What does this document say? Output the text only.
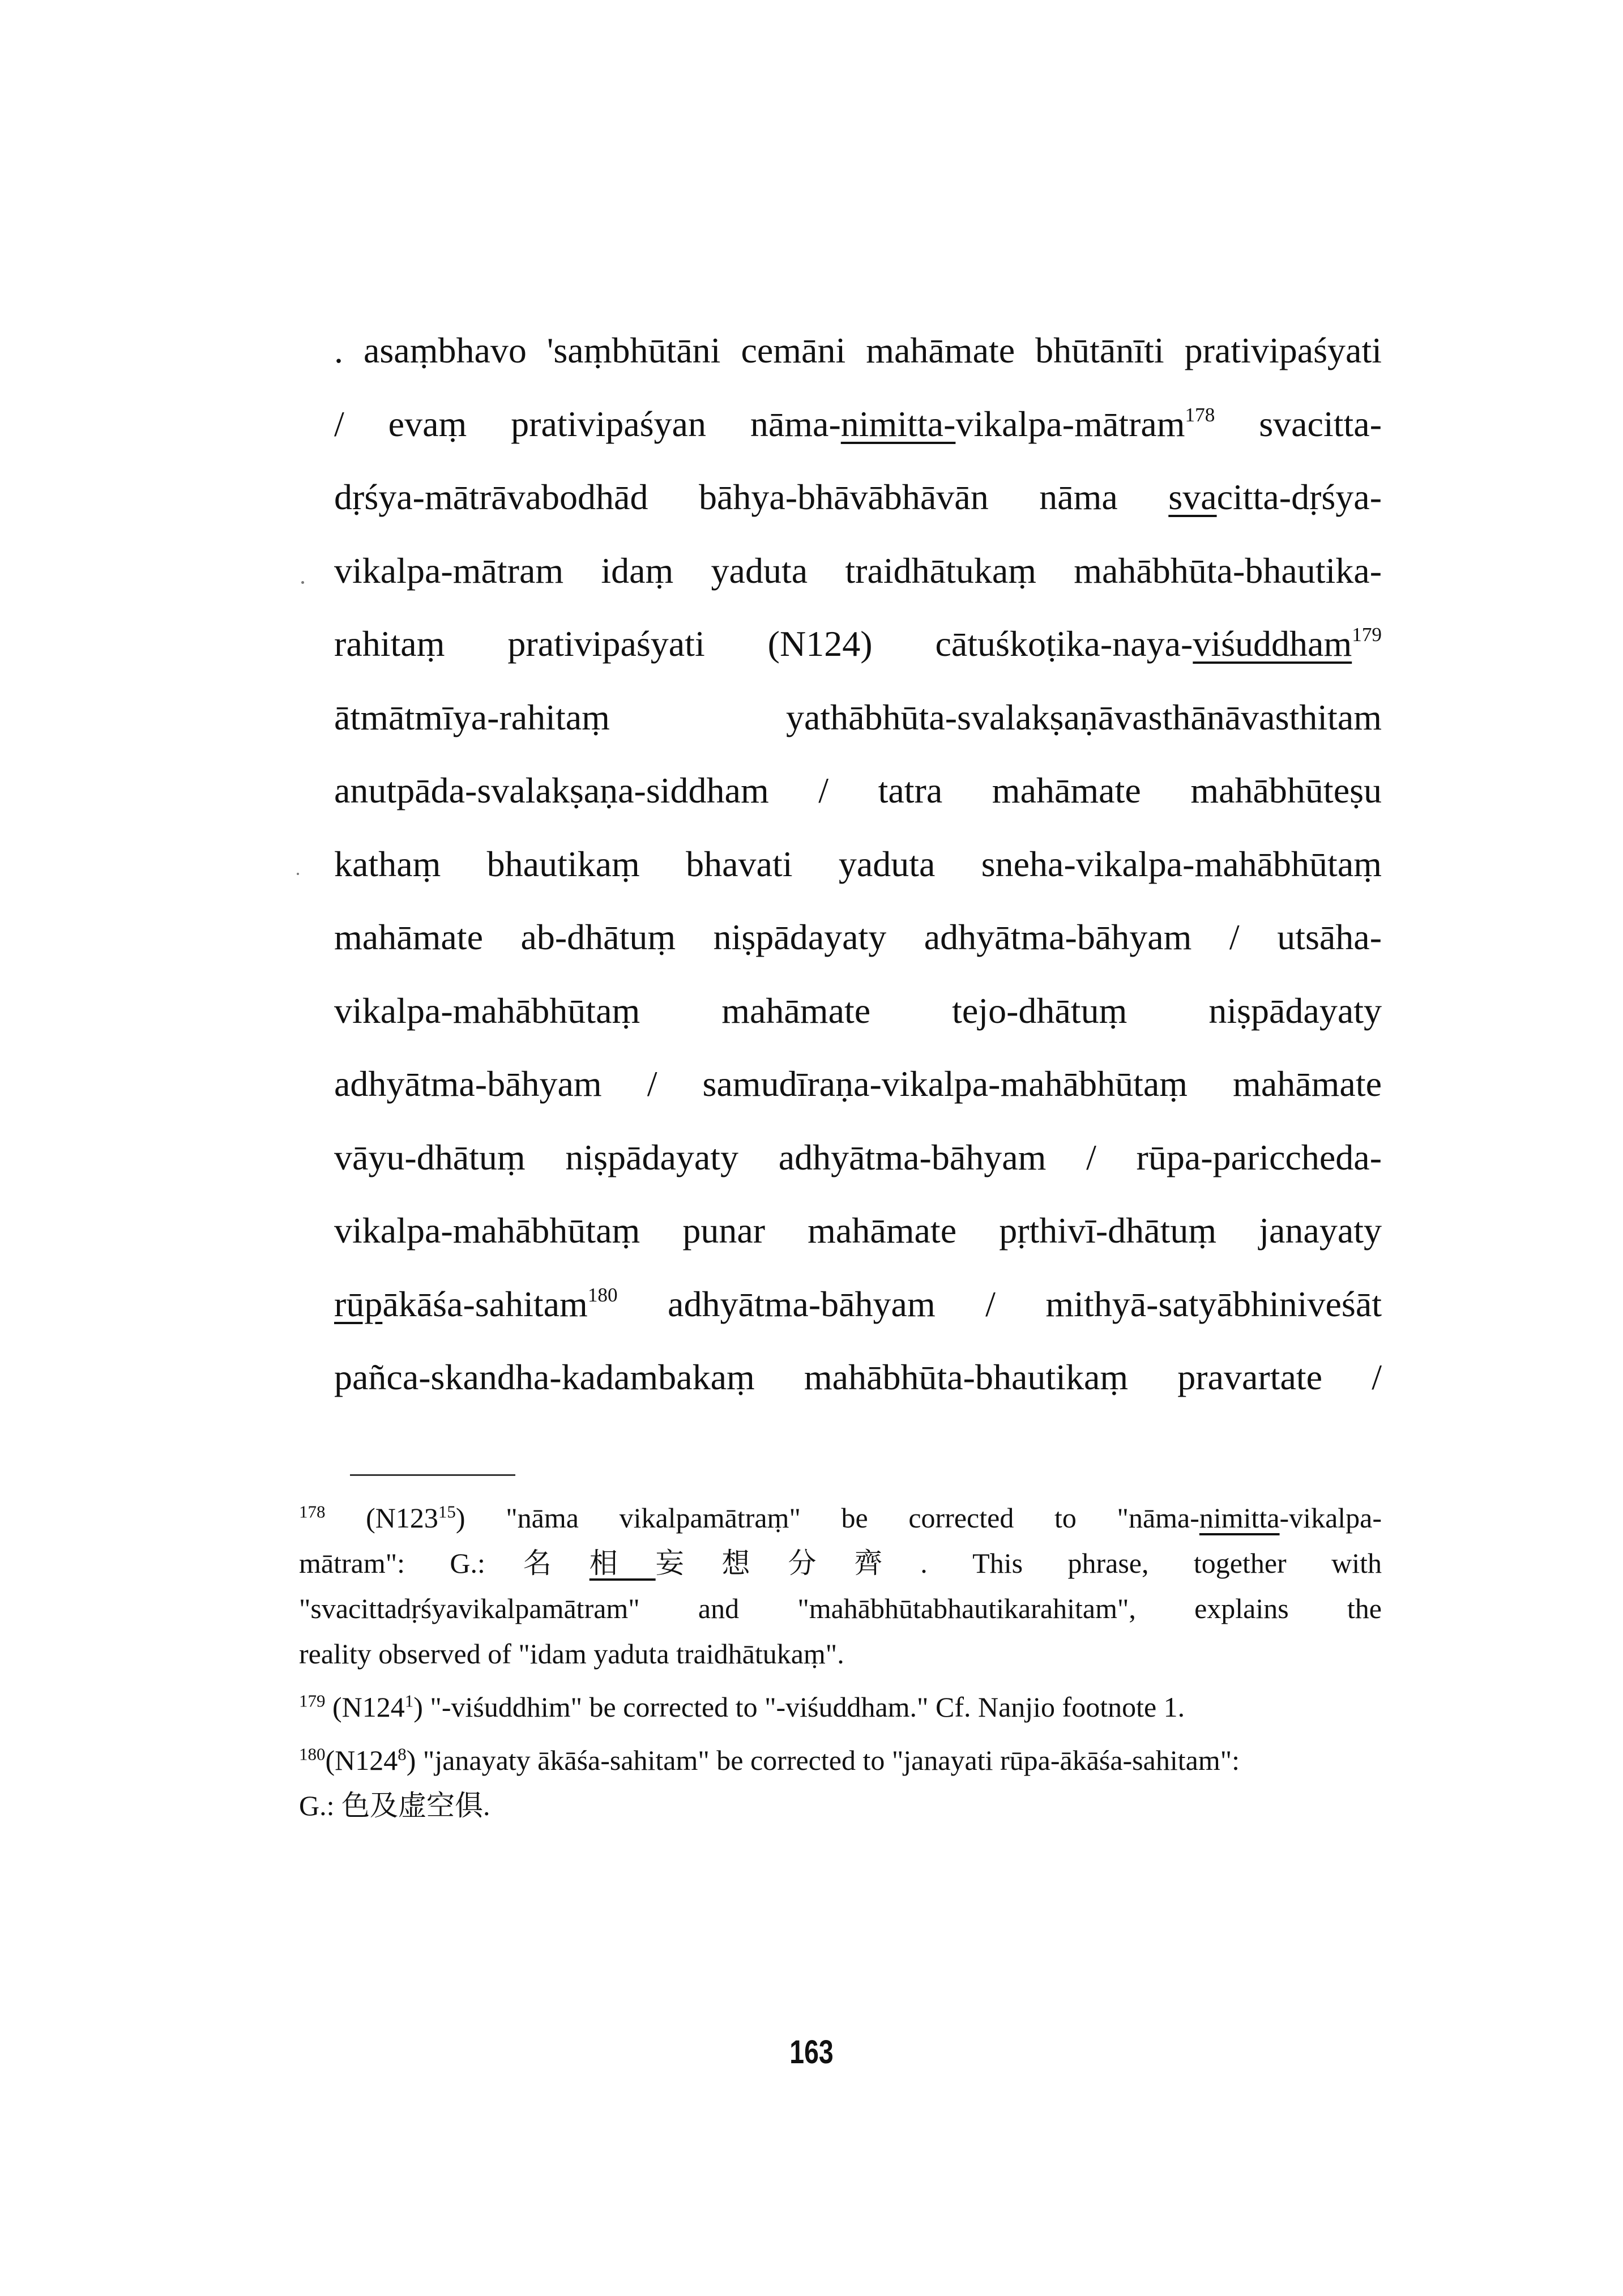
. asaṃbhavo 'saṃbhūtāni cemāni mahāmate bhūtānīti prativipaśyati
/ evaṃ prativipaśyan nāma-nimitta-vikalpa-mātram$^{178}$ svacitta-
dṛśya-mātrāvabodhād bāhya-bhāvābhāvān nāma svacitta-dṛśya-
vikalpa-mātram idaṃ yaduta traidhātukaṃ mahābhūta-bhautika-
rahitaṃ prativipaśyati (N124) cātuśkoṭika-naya-viśuddham$^{179}$
ātmātmīya-rahitaṃ yathābhūta-svalakṣaṇāvasthānāvasthitam
anutpāda-svalakṣaṇa-siddham / tatra mahāmate mahābhūteṣu
kathaṃ bhautikaṃ bhavati yaduta sneha-vikalpa-mahābhūtaṃ
mahāmate ab-dhātuṃ niṣpādayaty adhyātma-bāhyam / utsāha-
vikalpa-mahābhūtaṃ mahāmate tejo-dhātuṃ niṣpādayaty
adhyātma-bāhyam / samudīraṇa-vikalpa-mahābhūtaṃ mahāmate
vāyu-dhātuṃ niṣpādayaty adhyātma-bāhyam / rūpa-pariccheda-
vikalpa-mahābhūtaṃ punar mahāmate pṛthivī-dhātuṃ janayaty
rūpākāśa-sahitam$^{180}$ adhyātma-bāhyam / mithyā-satyābhiniveśāt
pañca-skandha-kadambakaṃ mahābhūta-bhautikaṃ pravartate /
$^{178}$ (N123$^{15}$) "nāma vikalpamātraṃ" be corrected to "nāma-nimitta-vikalpa-
mātram": G.:名相妄想分齊. This phrase, together with
"svacittadṛśyavikalpamātram" and "mahābhūtabhautikarahitam", explains the
reality observed of "idam yaduta traidhātukaṃ".
$^{179}$ (N124$^1$) "-viśuddhim" be corrected to "-viśuddham." Cf. Nanjio footnote 1.
$^{180}$(N124$^8$) "janayaty ākāśa-sahitam" be corrected to "janayati rūpa-ākāśa-sahitam":
G.: 色及虚空俱.
163
